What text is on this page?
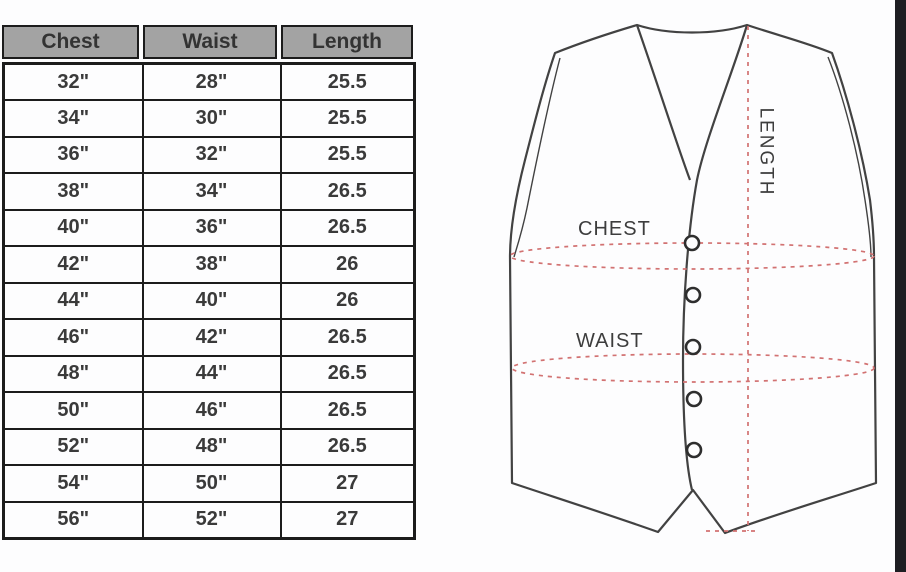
Chest	Waist	Length
32"	28"	25.5
34"	30"	25.5
36"	32"	25.5
38"	34"	26.5
40"	36"	26.5
42"	38"	26
44"	40"	26
46"	42"	26.5
48"	44"	26.5
50"	46"	26.5
52"	48"	26.5
54"	50"	27
56"	52"	27
CHEST
WAIST
LENGTH
